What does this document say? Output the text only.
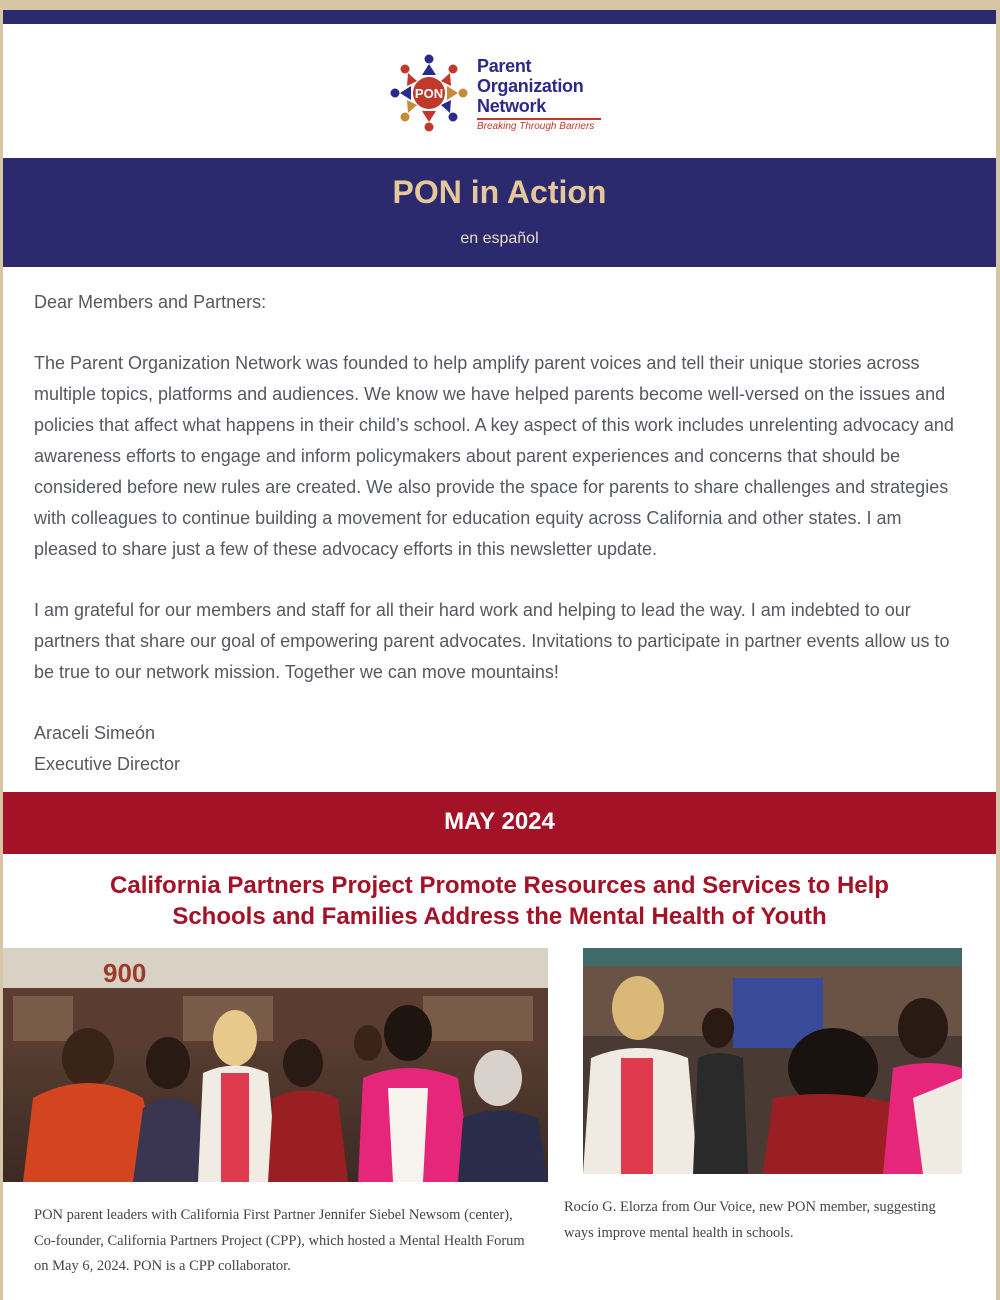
PON
Parent
Organization
Network
Breaking Through Barriers
PON in Action
en español

Dear Members and Partners:

The Parent Organization Network was founded to help amplify parent voices and tell their unique stories across multiple topics, platforms and audiences. We know we have helped parents become well-versed on the issues and policies that affect what happens in their child’s school. A key aspect of this work includes unrelenting advocacy and awareness efforts to engage and inform policymakers about parent experiences and concerns that should be considered before new rules are created. We also provide the space for parents to share challenges and strategies with colleagues to continue building a movement for education equity across California and other states. I am pleased to share just a few of these advocacy efforts in this newsletter update.

I am grateful for our members and staff for all their hard work and helping to lead the way. I am indebted to our partners that share our goal of empowering parent advocates. Invitations to participate in partner events allow us to be true to our network mission. Together we can move mountains!

Araceli Simeón

Executive Director

MAY 2024
California Partners Project Promote Resources and Services to Help
Schools and Families Address the Mental Health of Youth
900
PON parent leaders with California First Partner Jennifer Siebel Newsom (center), Co-founder, California Partners Project (CPP), which hosted a Mental Health Forum on May 6, 2024. PON is a CPP collaborator.
Rocío G. Elorza from Our Voice, new PON member, suggesting ways improve mental health in schools.
